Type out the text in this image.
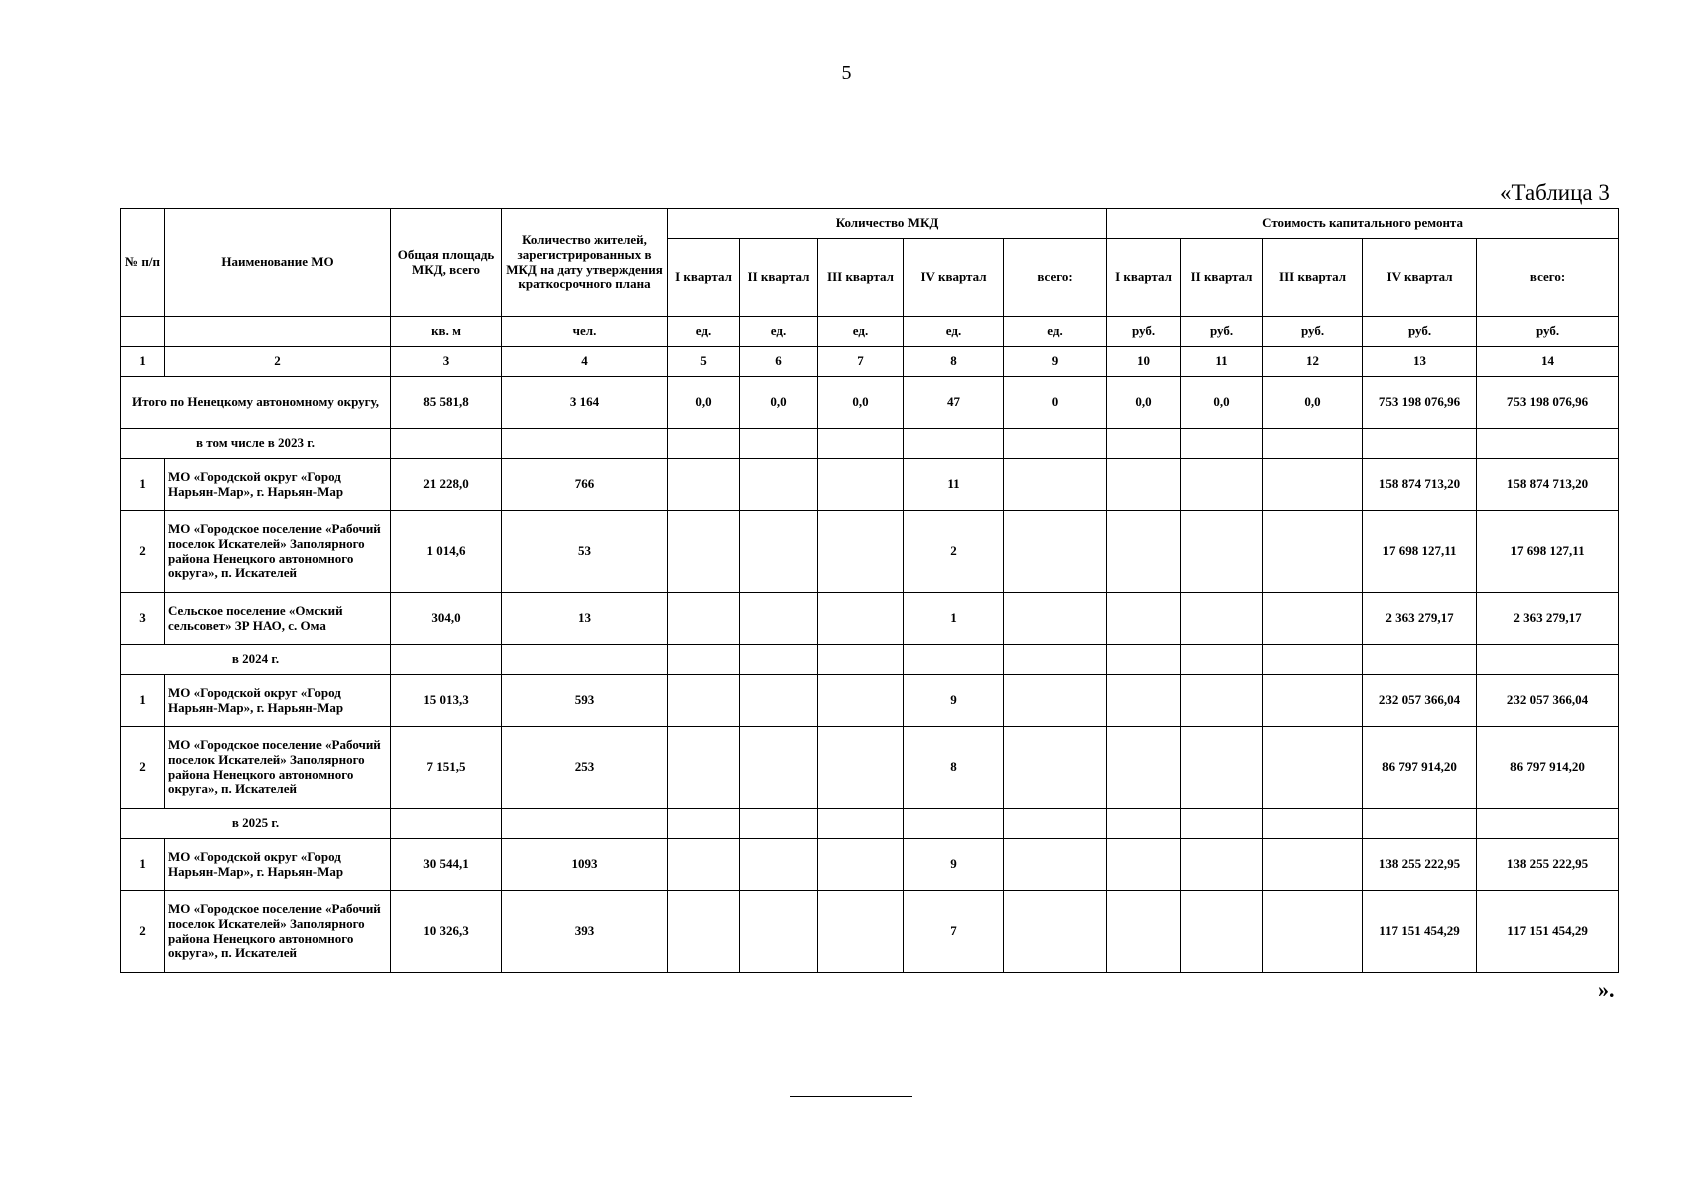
5
«Таблица 3
№ п/п	Наименование МО	Общая площадь МКД, всего	Количество жителей, зарегистрированных в МКД на дату утверждения краткосрочного плана	Количество МКД					Стоимость капитального ремонта				
				I квартал	II квартал	III квартал	IV квартал	всего:	I квартал	II квартал	III квартал	IV квартал	всего:
		кв. м	чел.	ед.	ед.	ед.	ед.	ед.	руб.	руб.	руб.	руб.	руб.
1	2	3	4	5	6	7	8	9	10	11	12	13	14
Итого по Ненецкому автономному округу,		85 581,8	3 164	0,0	0,0	0,0	47	0	0,0	0,0	0,0	753 198 076,96	753 198 076,96
в том числе в 2023 г.													
1	МО «Городской округ «Город Нарьян-Мар», г. Нарьян-Мар	21 228,0	766				11					158 874 713,20	158 874 713,20
2	МО «Городское поселение «Рабочий поселок Искателей» Заполярного района Ненецкого автономного округа», п. Искателей	1 014,6	53				2					17 698 127,11	17 698 127,11
3	Сельское поселение «Омский сельсовет» ЗР НАО, с. Ома	304,0	13				1					2 363 279,17	2 363 279,17
в 2024 г.													
1	МО «Городской округ «Город Нарьян-Мар», г. Нарьян-Мар	15 013,3	593				9					232 057 366,04	232 057 366,04
2	МО «Городское поселение «Рабочий поселок Искателей» Заполярного района Ненецкого автономного округа», п. Искателей	7 151,5	253				8					86 797 914,20	86 797 914,20
в 2025 г.													
1	МО «Городской округ «Город Нарьян-Мар», г. Нарьян-Мар	30 544,1	1093				9					138 255 222,95	138 255 222,95
2	МО «Городское поселение «Рабочий поселок Искателей» Заполярного района Ненецкого автономного округа», п. Искателей	10 326,3	393				7					117 151 454,29	117 151 454,29
».
